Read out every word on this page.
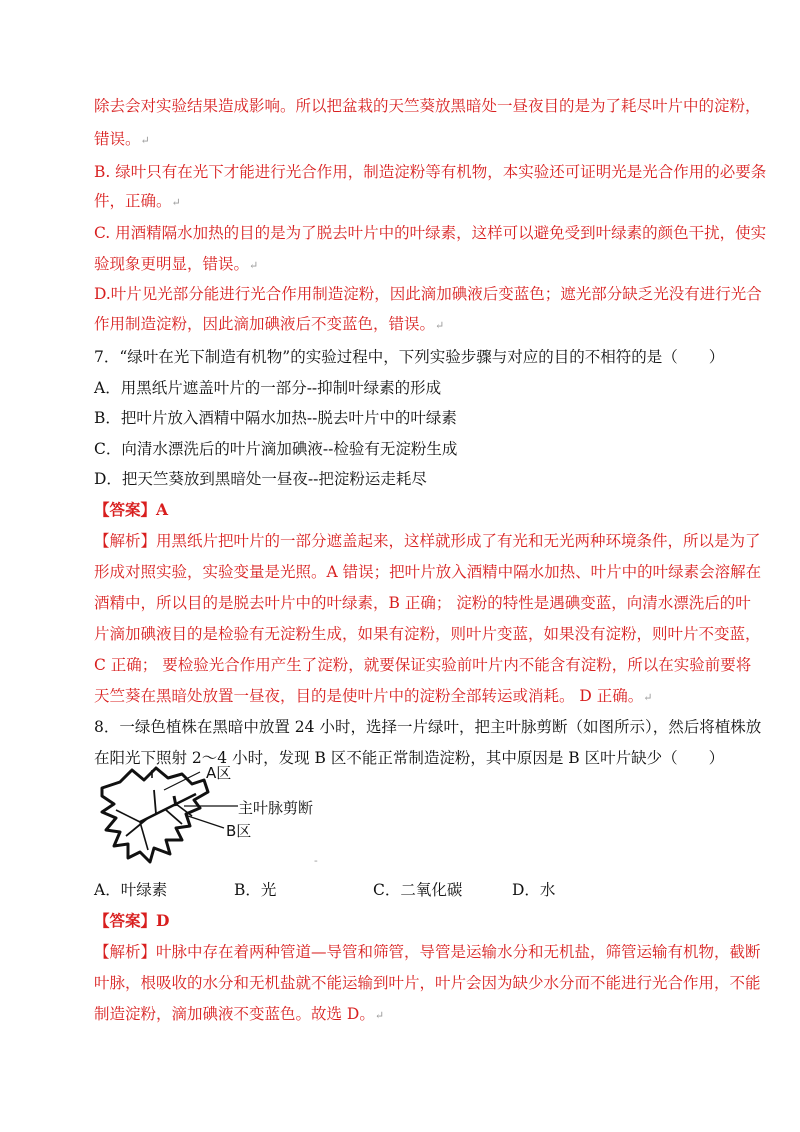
除去会对实验结果造成影响。所以把盆栽的天竺葵放黑暗处一昼夜目的是为了耗尽叶片中的淀粉，
错误。↵
B. 绿叶只有在光下才能进行光合作用，制造淀粉等有机物，本实验还可证明光是光合作用的必要条
件，正确。↵
C. 用酒精隔水加热的目的是为了脱去叶片中的叶绿素，这样可以避免受到叶绿素的颜色干扰，使实
验现象更明显，错误。↵
D.叶片见光部分能进行光合作用制造淀粉，因此滴加碘液后变蓝色；遮光部分缺乏光没有进行光合
作用制造淀粉，因此滴加碘液后不变蓝色，错误。↵
7．“绿叶在光下制造有机物”的实验过程中，下列实验步骤与对应的目的不相符的是（　　）
A．用黑纸片遮盖叶片的一部分--抑制叶绿素的形成
B．把叶片放入酒精中隔水加热--脱去叶片中的叶绿素
C．向清水漂洗后的叶片滴加碘液--检验有无淀粉生成
D．把天竺葵放到黑暗处一昼夜--把淀粉运走耗尽
【答案】A
【解析】用黑纸片把叶片的一部分遮盖起来，这样就形成了有光和无光两种环境条件，所以是为了
形成对照实验，实验变量是光照。A 错误；把叶片放入酒精中隔水加热、叶片中的叶绿素会溶解在
酒精中，所以目的是脱去叶片中的叶绿素，B 正确； 淀粉的特性是遇碘变蓝，向清水漂洗后的叶
片滴加碘液目的是检验有无淀粉生成，如果有淀粉，则叶片变蓝，如果没有淀粉，则叶片不变蓝，
C 正确； 要检验光合作用产生了淀粉，就要保证实验前叶片内不能含有淀粉，所以在实验前要将
天竺葵在黑暗处放置一昼夜，目的是使叶片中的淀粉全部转运或消耗。 D 正确。↵
8．一绿色植株在黑暗中放置 24 小时，选择一片绿叶，把主叶脉剪断（如图所示），然后将植株放
在阳光下照射 2～4 小时，发现 B 区不能正常制造淀粉，其中原因是 B 区叶片缺少（　　）
A区
主叶脉剪断
B区
-
A．叶绿素	B．光	C．二氧化碳	D．水
【答案】D
【解析】叶脉中存在着两种管道—导管和筛管，导管是运输水分和无机盐，筛管运输有机物，截断
叶脉，根吸收的水分和无机盐就不能运输到叶片，叶片会因为缺少水分而不能进行光合作用，不能
制造淀粉，滴加碘液不变蓝色。故选 D。↵
